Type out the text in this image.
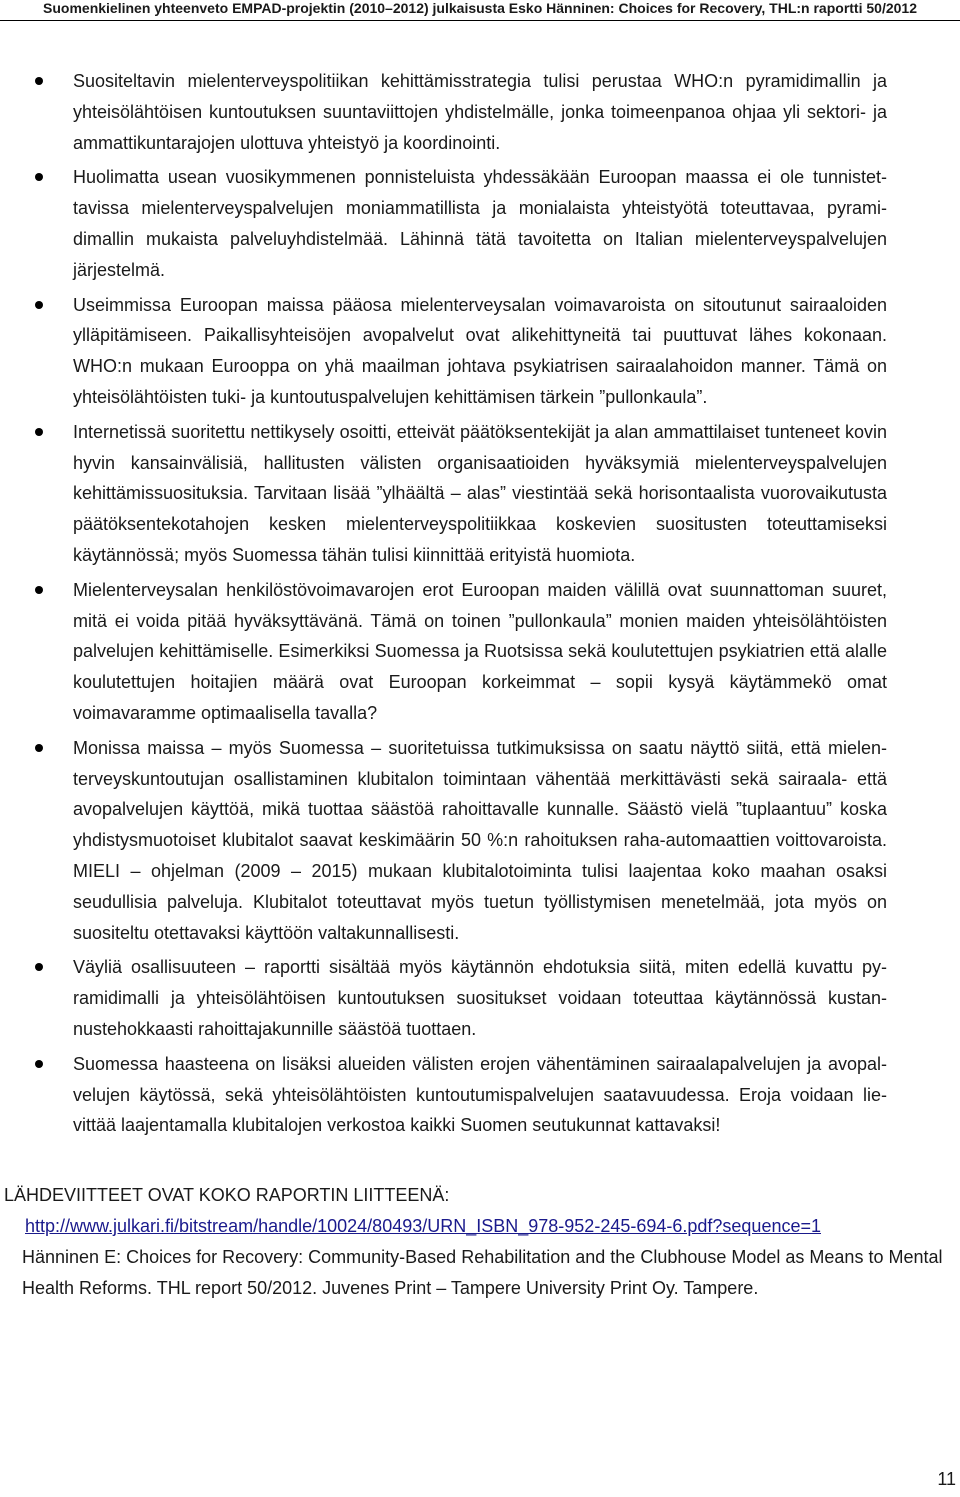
Suomenkielinen yhteenveto EMPAD-projektin (2010–2012) julkaisusta Esko Hänninen: Choices for Recovery, THL:n raportti 50/2012
Suositeltavin mielenterveyspolitiikan kehittämisstrategia tulisi perustaa WHO:n pyramidimallin ja yhteisölähtöisen kuntoutuksen suuntaviittojen yhdistelmälle, jonka toimeenpanoa ohjaa yli sektori- ja ammattikuntarajojen ulottuva yhteistyö ja koordinointi.
Huolimatta usean vuosikymmenen ponnisteluista yhdessäkään Euroopan maassa ei ole tunnistettavissa mielenterveyspalvelujen moniammatillista ja monialaista yhteistyötä toteuttavaa, pyramidimallin mukaista palveluyhdistelmää. Lähinnä tätä tavoitetta on Italian mielenterveyspalvelujen järjestelmä.
Useimmissa Euroopan maissa pääosa mielenterveysalan voimavaroista on sitoutunut sairaaloiden ylläpitämiseen. Paikallisyhteisöjen avopalvelut ovat alikehittyneitä tai puuttuvat lähes kokonaan. WHO:n mukaan Eurooppa on yhä maailman johtava psykiatrisen sairaalahoidon manner. Tämä on yhteisölähtöisten tuki- ja kuntoutuspalvelujen kehittämisen tärkein ”pullonkaula”.
Internetissä suoritettu nettikysely osoitti, etteivät päätöksentekijät ja alan ammattilaiset tunteneet kovin hyvin kansainvälisiä, hallitusten välisten organisaatioiden hyväksymiä mielenterveyspalvelujen kehittämissuosituksia. Tarvitaan lisää ”ylhäältä – alas” viestintää sekä horisontaalista vuorovaikutusta päätöksentekotahojen kesken mielenterveyspolitiikkaa koskevien suositusten toteuttamiseksi käytännössä; myös Suomessa tähän tulisi kiinnittää erityistä huomiota.
Mielenterveysalan henkilöstövoimavarojen erot Euroopan maiden välillä ovat suunnattoman suuret, mitä ei voida pitää hyväksyttävänä. Tämä on toinen ”pullonkaula” monien maiden yhteisölähtöisten palvelujen kehittämiselle. Esimerkiksi Suomessa ja Ruotsissa sekä koulutettujen psykiatrien että alalle koulutettujen hoitajien määrä ovat Euroopan korkeimmat – sopii kysyä käytämmekö omat voimavaramme optimaalisella tavalla?
Monissa maissa – myös Suomessa – suoritetuissa tutkimuksissa on saatu näyttö siitä, että mielenterveyskuntoutujan osallistaminen klubitalon toimintaan vähentää merkittävästi sekä sairaala- että avopalvelujen käyttöä, mikä tuottaa säästöä rahoittavalle kunnalle. Säästö vielä ”tuplaantuu” koska yhdistysmuotoiset klubitalot saavat keskimäärin 50 %:n rahoituksen raha-automaattien voittovaroista. MIELI – ohjelman (2009 – 2015) mukaan klubitalotoiminta tulisi laajentaa koko maahan osaksi seudullisia palveluja. Klubitalot toteuttavat myös tuetun työllistymisen menetelmää, jota myös on suositeltu otettavaksi käyttöön valtakunnallisesti.
Väyliä osallisuuteen – raportti sisältää myös käytännön ehdotuksia siitä, miten edellä kuvattu pyramidimalli ja yhteisölähtöisen kuntoutuksen suositukset voidaan toteuttaa käytännössä kustannustehokkaasti rahoittajakunnille säästöä tuottaen.
Suomessa haasteena on lisäksi alueiden välisten erojen vähentäminen sairaalapalvelujen ja avopalvelujen käytössä, sekä yhteisölähtöisten kuntoutumispalvelujen saatavuudessa. Eroja voidaan lievittää laajentamalla klubitalojen verkostoa kaikki Suomen seutukunnat kattavaksi!
LÄHDEVIITTEET OVAT KOKO RAPORTIN LIITTEENÄ:
http://www.julkari.fi/bitstream/handle/10024/80493/URN_ISBN_978-952-245-694-6.pdf?sequence=1
Hänninen E: Choices for Recovery: Community-Based Rehabilitation and the Clubhouse Model as Means to Mental Health Reforms. THL report 50/2012. Juvenes Print – Tampere University Print Oy. Tampere.
11
